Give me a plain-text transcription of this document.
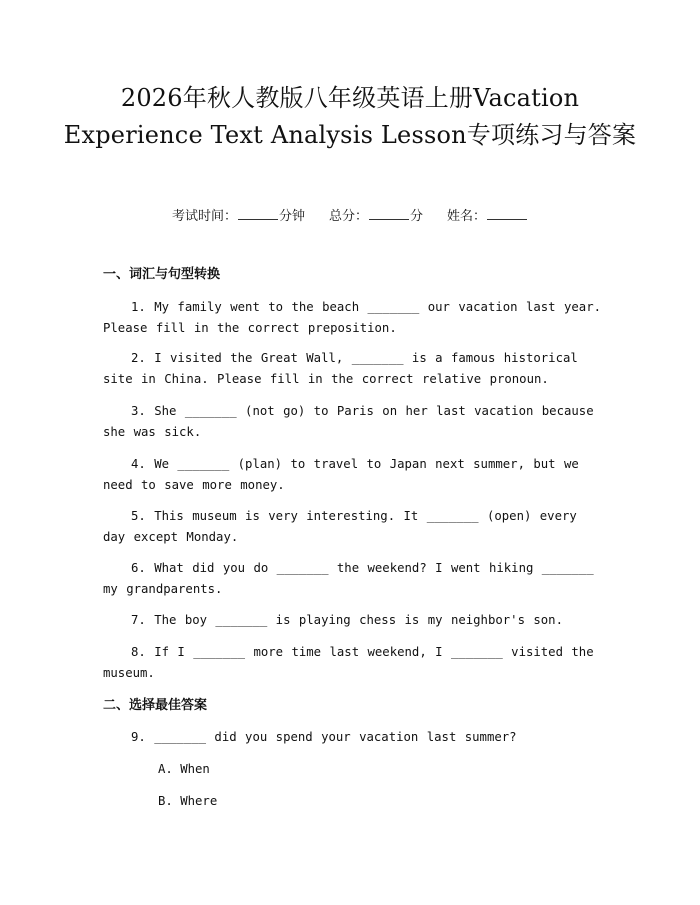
2026年秋人教版八年级英语上册Vacation Experience Text Analysis Lesson专项练习与答案
考试时间：	分钟 总分：	分 姓名：
一、词汇与句型转换
1. My family went to the beach _______ our vacation last year. Please fill in the correct preposition.
2. I visited the Great Wall, _______ is a famous historical site in China. Please fill in the correct relative pronoun.
3. She _______ (not go) to Paris on her last vacation because she was sick.
4. We _______ (plan) to travel to Japan next summer, but we need to save more money.
5. This museum is very interesting. It _______ (open) every day except Monday.
6. What did you do _______ the weekend? I went hiking _______ my grandparents.
7. The boy _______ is playing chess is my neighbor's son.
8. If I _______ more time last weekend, I _______ visited the museum.
二、选择最佳答案
9. _______ did you spend your vacation last summer?
A. When
B. Where
